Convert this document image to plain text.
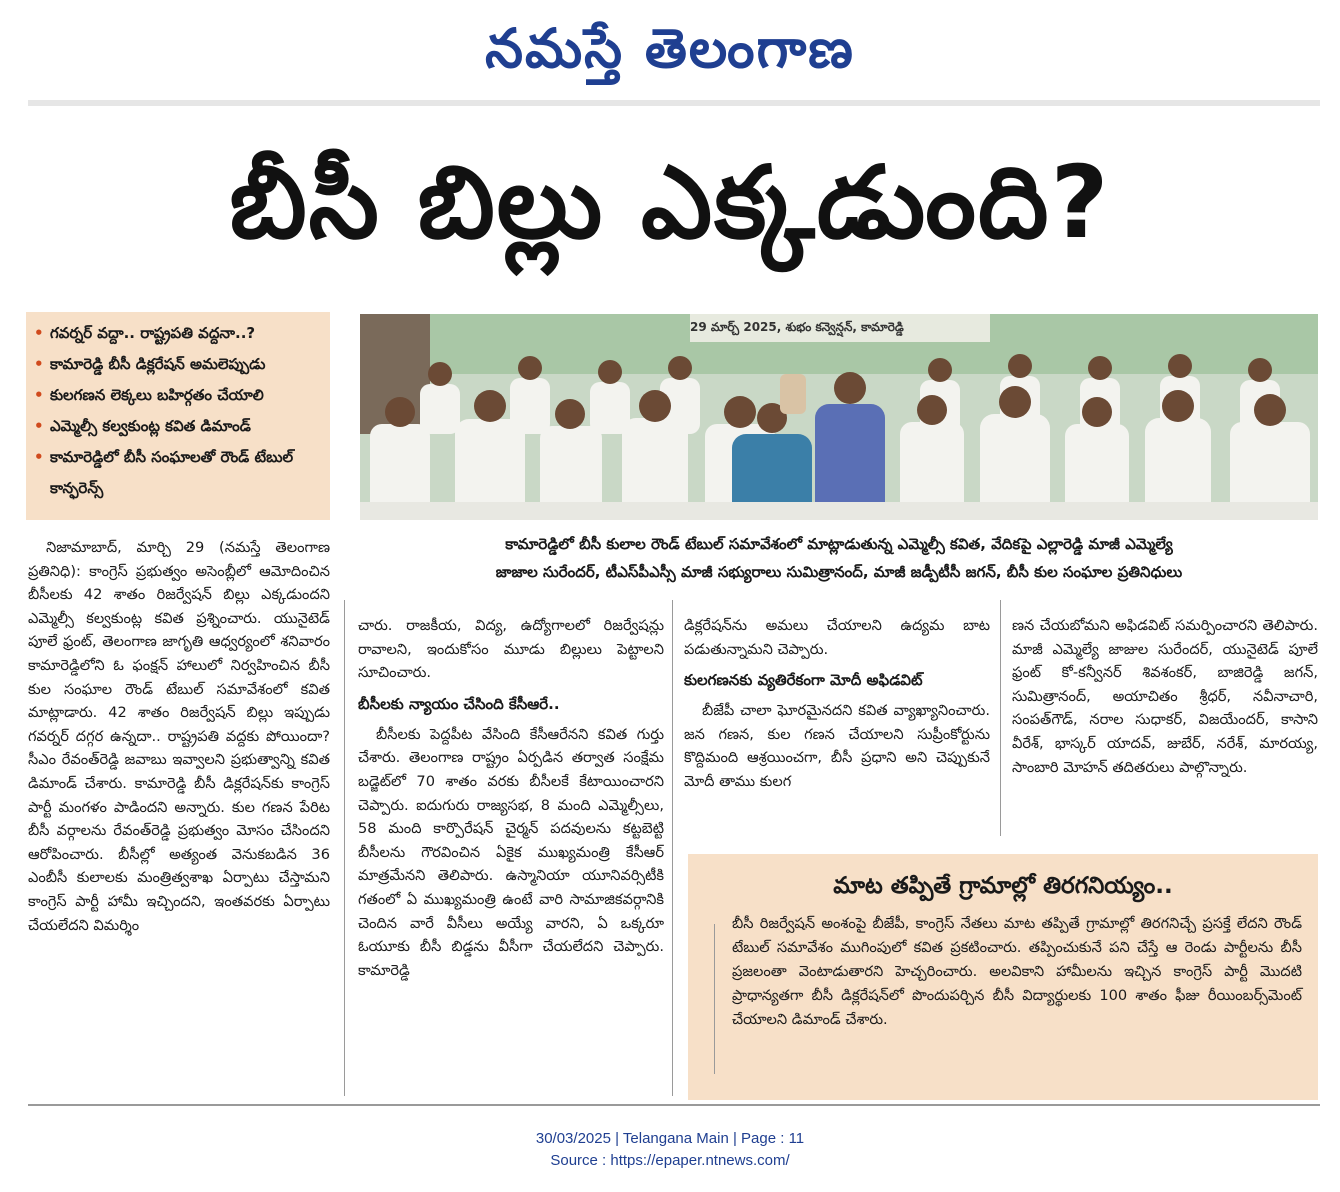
నమస్తే తెలంగాణ
బీసీ బిల్లు ఎక్కడుంది?
• గవర్నర్ వద్దా.. రాష్ట్రపతి వద్దనా..?
• కామారెడ్డి బీసీ డిక్లరేషన్ అమలెప్పుడు
• కులగణన లెక్కలు బహిర్గతం చేయాలి
• ఎమ్మెల్సీ కల్వకుంట్ల కవిత డిమాండ్
• కామారెడ్డిలో బీసీ సంఘాలతో రౌండ్ టేబుల్ కాన్ఫరెన్స్
29 మార్చ్ 2025, శుభం కన్వెన్షన్, కామారెడ్డి

కామారెడ్డిలో బీసీ కులాల రౌండ్ టేబుల్ సమావేశంలో మాట్లాడుతున్న ఎమ్మెల్సీ కవిత, వేదికపై ఎల్లారెడ్డి మాజీ ఎమ్మెల్యే

జాజాల సురేందర్, టీఎస్‌పీఎస్సీ మాజీ సభ్యురాలు సుమిత్రానంద్, మాజీ జడ్పీటీసీ జగన్, బీసీ కుల సంఘాల ప్రతినిధులు

నిజామాబాద్, మార్చి 29 (నమస్తే తెలంగాణ ప్రతినిధి): కాంగ్రెస్ ప్రభుత్వం అసెంబ్లీలో ఆమోదించిన బీసీలకు 42 శాతం రిజర్వేషన్ బిల్లు ఎక్కడుందని ఎమ్మెల్సీ కల్వకుంట్ల కవిత ప్రశ్నించారు. యునైటెడ్ పూలే ఫ్రంట్, తెలంగాణ జాగృతి ఆధ్వర్యంలో శనివారం కామారెడ్డిలోని ఓ ఫంక్షన్ హాలులో నిర్వహించిన బీసీ కుల సంఘాల రౌండ్ టేబుల్ సమావేశంలో కవిత మాట్లాడారు. 42 శాతం రిజర్వేషన్ బిల్లు ఇప్పుడు గవర్నర్ దగ్గర ఉన్నదా.. రాష్ట్రపతి వద్దకు పోయిందా? సీఎం రేవంత్‌రెడ్డి జవాబు ఇవ్వాలని ప్రభుత్వాన్ని కవిత డిమాండ్ చేశారు. కామారెడ్డి బీసీ డిక్లరేషన్‌కు కాంగ్రెస్ పార్టీ మంగళం పాడిందని అన్నారు. కుల గణన పేరిట బీసీ వర్గాలను రేవంత్‌రెడ్డి ప్రభుత్వం మోసం చేసిందని ఆరోపించారు. బీసీల్లో అత్యంత వెనుకబడిన 36 ఎంబీసీ కులాలకు మంత్రిత్వశాఖ ఏర్పాటు చేస్తామని కాంగ్రెస్ పార్టీ హామీ ఇచ్చిందని, ఇంతవరకు ఏర్పాటు చేయలేదని విమర్శిం

చారు. రాజకీయ, విద్య, ఉద్యోగాలలో రిజర్వేషన్లు రావాలని, ఇందుకోసం మూడు బిల్లులు పెట్టాలని సూచించారు.

బీసీలకు న్యాయం చేసింది కేసీఆరే..

బీసీలకు పెద్దపీట వేసింది కేసీఆరేనని కవిత గుర్తు చేశారు. తెలంగాణ రాష్ట్రం ఏర్పడిన తర్వాత సంక్షేమ బడ్జెట్‌లో 70 శాతం వరకు బీసీలకే కేటాయించారని చెప్పారు. ఐదుగురు రాజ్యసభ, 8 మంది ఎమ్మెల్సీలు, 58 మంది కార్పొరేషన్ చైర్మన్ పదవులను కట్టబెట్టి బీసీలను గౌరవించిన ఏకైక ముఖ్యమంత్రి కేసీఆర్ మాత్రమేనని తెలిపారు. ఉస్మానియా యూనివర్సిటీకి గతంలో ఏ ముఖ్యమంత్రి ఉంటే వారి సామాజికవర్గానికి చెందిన వారే వీసీలు అయ్యే వారని, ఏ ఒక్కరూ ఓయూకు బీసీ బిడ్డను వీసీగా చేయలేదని చెప్పారు. కామారెడ్డి

డిక్లరేషన్‌ను అమలు చేయాలని ఉద్యమ బాట పడుతున్నామని చెప్పారు.

కులగణనకు వ్యతిరేకంగా మోదీ అఫిడవిట్

బీజేపీ చాలా ఘోరమైనదని కవిత వ్యాఖ్యానించారు. జన గణన, కుల గణన చేయాలని సుప్రీంకోర్టును కొద్దిమంది ఆశ్రయించగా, బీసీ ప్రధాని అని చెప్పుకునే మోదీ తాము కులగ

ణన చేయబోమని అఫిడవిట్ సమర్పించారని తెలిపారు. మాజీ ఎమ్మెల్యే జాజుల సురేందర్, యునైటెడ్ పూలే ఫ్రంట్ కో-కన్వీనర్ శివశంకర్, బాజిరెడ్డి జగన్, సుమిత్రానంద్, అయాచితం శ్రీధర్, నవీనాచారి, సంపత్‌గౌడ్, నరాల సుధాకర్, విజయేందర్, కాసాని వీరేశ్, భాస్కర్ యాదవ్, జుబేర్, నరేశ్, మారయ్య, సాంబారి మోహన్ తదితరులు పాల్గొన్నారు.

మాట తప్పితే గ్రామాల్లో తిరగనియ్యం..

బీసీ రిజర్వేషన్ అంశంపై బీజేపీ, కాంగ్రెస్ నేతలు మాట తప్పితే గ్రామాల్లో తిరగనిచ్చే ప్రసక్తే లేదని రౌండ్ టేబుల్ సమావేశం ముగింపులో కవిత ప్రకటించారు. తప్పించుకునే పని చేస్తే ఆ రెండు పార్టీలను బీసీ ప్రజలంతా వెంటాడుతారని హెచ్చరించారు. అలవికాని హామీలను ఇచ్చిన కాంగ్రెస్ పార్టీ మొదటి ప్రాధాన్యతగా బీసీ డిక్లరేషన్‌లో పొందుపర్చిన బీసీ విద్యార్థులకు 100 శాతం ఫీజు రీయింబర్స్‌మెంట్ చేయాలని డిమాండ్ చేశారు.

30/03/2025 | Telangana Main | Page : 11
Source : https://epaper.ntnews.com/
